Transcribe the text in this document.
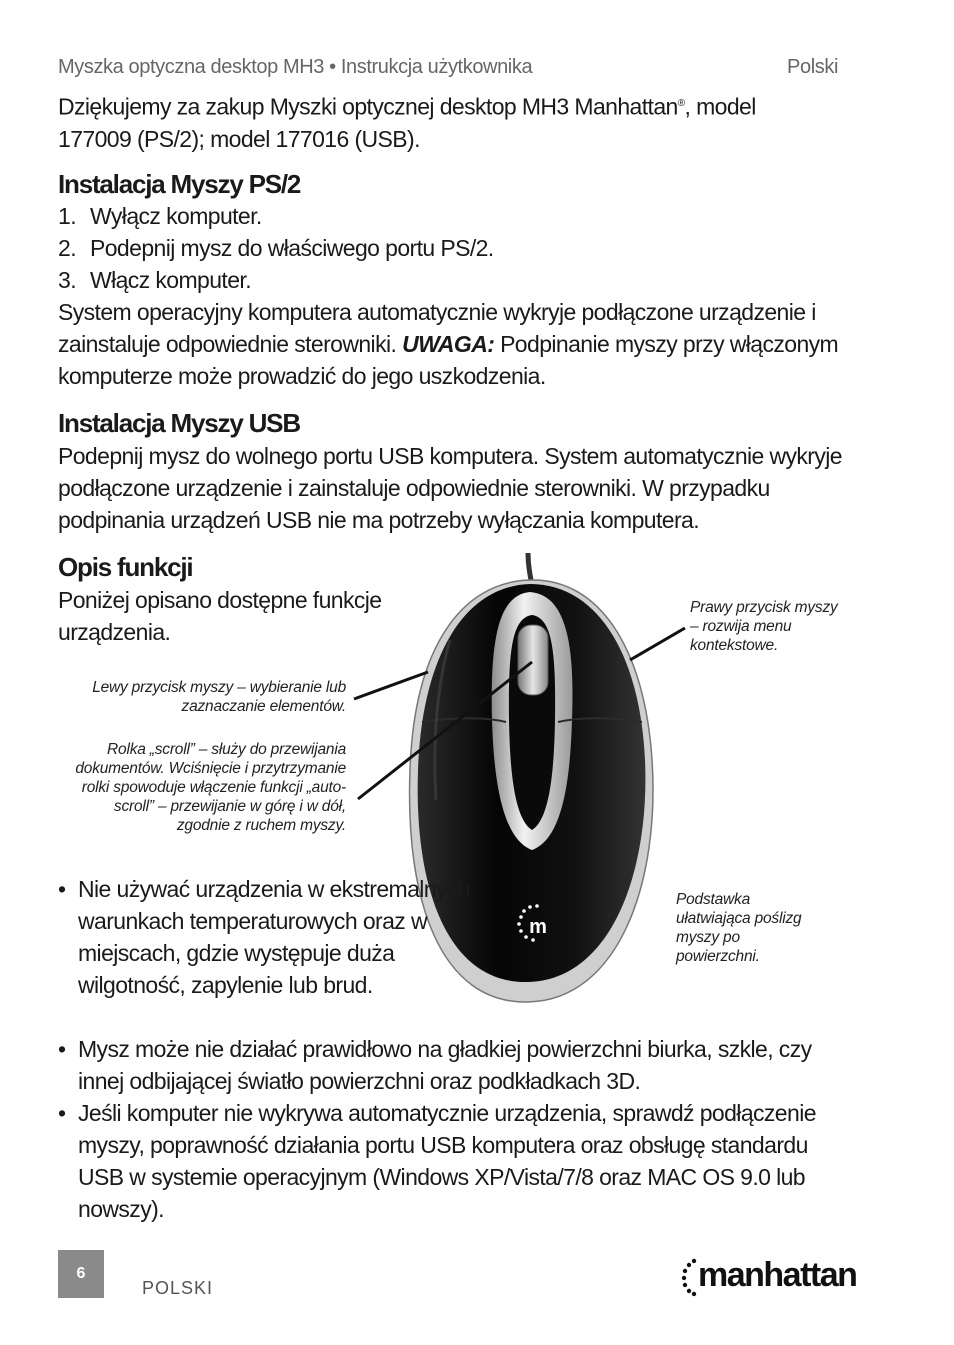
Myszka optyczna desktop MH3 • Instrukcja użytkownika	Polski

Dziękujemy za zakup Myszki optycznej desktop MH3 Manhattan®, model 177009 (PS/2); model 177016 (USB).

Instalacja Myszy PS/2
1. Wyłącz komputer.
2. Podepnij mysz do właściwego portu PS/2.
3. Włącz komputer.

System operacyjny komputera automatycznie wykryje podłączone urządzenie i zainstaluje odpowiednie sterowniki. UWAGA: Podpinanie myszy przy włączonym komputerze może prowadzić do jego uszkodzenia.

Instalacja Myszy USB

Podepnij mysz do wolnego portu USB komputera. System automatycznie wykryje podłączone urządzenie i zainstaluje odpowiednie sterowniki. W przypadku podpinania urządzeń USB nie ma potrzeby wyłączania komputera.

Opis funkcji

Poniżej opisano dostępne funkcje urządzenia.

Lewy przycisk myszy – wybieranie lub zaznaczanie elementów.

Rolka „scroll” – służy do przewijania dokumentów. Wciśnięcie i przytrzymanie rolki spowoduje włączenie funkcji „auto-scroll” – przewijanie w górę i w dół, zgodnie z ruchem myszy.

Prawy przycisk myszy – rozwija menu kontekstowe.

Podstawka ułatwiająca poślizg myszy po powierzchni.

m
• Nie używać urządzenia w ekstremalnych warunkach temperaturowych oraz w miejscach, gdzie występuje duża wilgotność, zapylenie lub brud.
• Mysz może nie działać prawidłowo na gładkiej powierzchni biurka, szkle, czy innej odbijającej światło powierzchni oraz podkładkach 3D.
• Jeśli komputer nie wykrywa automatycznie urządzenia, sprawdź podłączenie myszy, poprawność działania portu USB komputera oraz obsługę standardu USB w systemie operacyjnym (Windows XP/Vista/7/8 oraz MAC OS 9.0 lub nowszy).
6
POLSKI	manhattan
